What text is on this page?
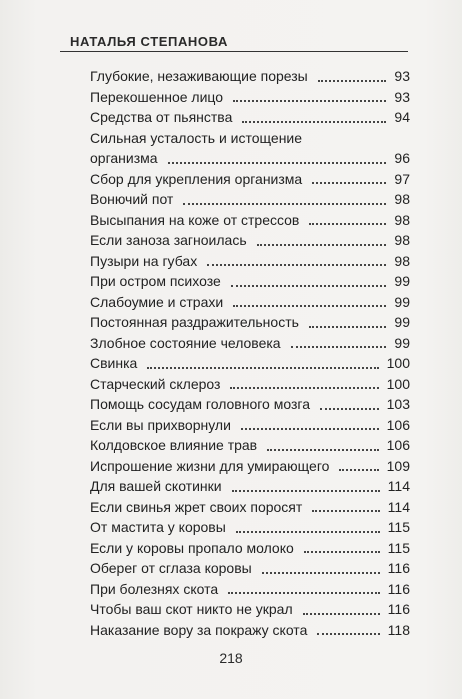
НАТАЛЬЯ СТЕПАНОВА
Глубокие, незаживающие порезы	93
Перекошенное лицо	93
Средства от пьянства	94
Сильная усталость и истощение организма	96
Сбор для укрепления организма	97
Вонючий пот	98
Высыпания на коже от стрессов	98
Если заноза загноилась	98
Пузыри на губах	98
При остром психозе	99
Слабоумие и страхи	99
Постоянная раздражительность	99
Злобное состояние человека	99
Свинка	100
Старческий склероз	100
Помощь сосудам головного мозга	103
Если вы прихворнули	106
Колдовское влияние трав	106
Испрошение жизни для умирающего	109
Для вашей скотинки	114
Если свинья жрет своих поросят	114
От мастита у коровы	115
Если у коровы пропало молоко	115
Оберег от сглаза коровы	116
При болезнях скота	116
Чтобы ваш скот никто не украл	116
Наказание вору за покражу скота	118
218
